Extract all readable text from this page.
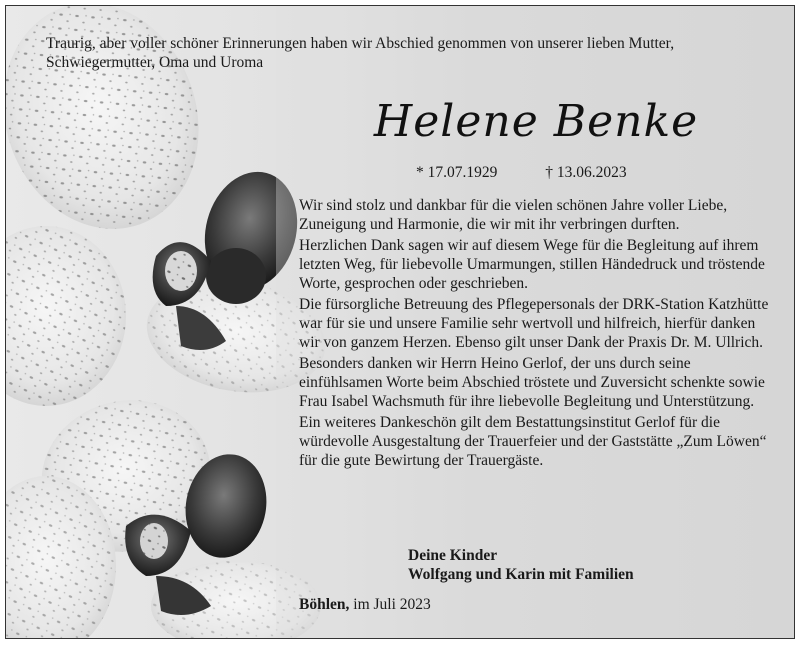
Traurig, aber voller schöner Erinnerungen haben wir Abschied genommen von unserer lieben Mutter, Schwiegermutter, Oma und Uroma
Helene Benke
* 17.07.1929	† 13.06.2023

Wir sind stolz und dankbar für die vielen schönen Jahre voller Liebe, Zuneigung und Harmonie, die wir mit ihr verbringen durften.

Herzlichen Dank sagen wir auf diesem Wege für die Begleitung auf ihrem letzten Weg, für liebevolle Umarmungen, stillen Händedruck und tröstende Worte, gesprochen oder geschrieben.

Die fürsorgliche Betreuung des Pflegepersonals der DRK-Station Katzhütte war für sie und unsere Familie sehr wertvoll und hilfreich, hierfür danken wir von ganzem Herzen. Ebenso gilt unser Dank der Praxis Dr. M. Ullrich.

Besonders danken wir Herrn Heino Gerlof, der uns durch seine einfühlsamen Worte beim Abschied tröstete und Zuversicht schenkte sowie Frau Isabel Wachsmuth für ihre liebevolle Begleitung und Unterstützung.

Ein weiteres Dankeschön gilt dem Bestattungsinstitut Gerlof für die würdevolle Ausgestaltung der Trauerfeier und der Gaststätte „Zum Löwen“ für die gute Bewirtung der Trauergäste.

Deine Kinder
Wolfgang und Karin mit Familien
Böhlen, im Juli 2023
